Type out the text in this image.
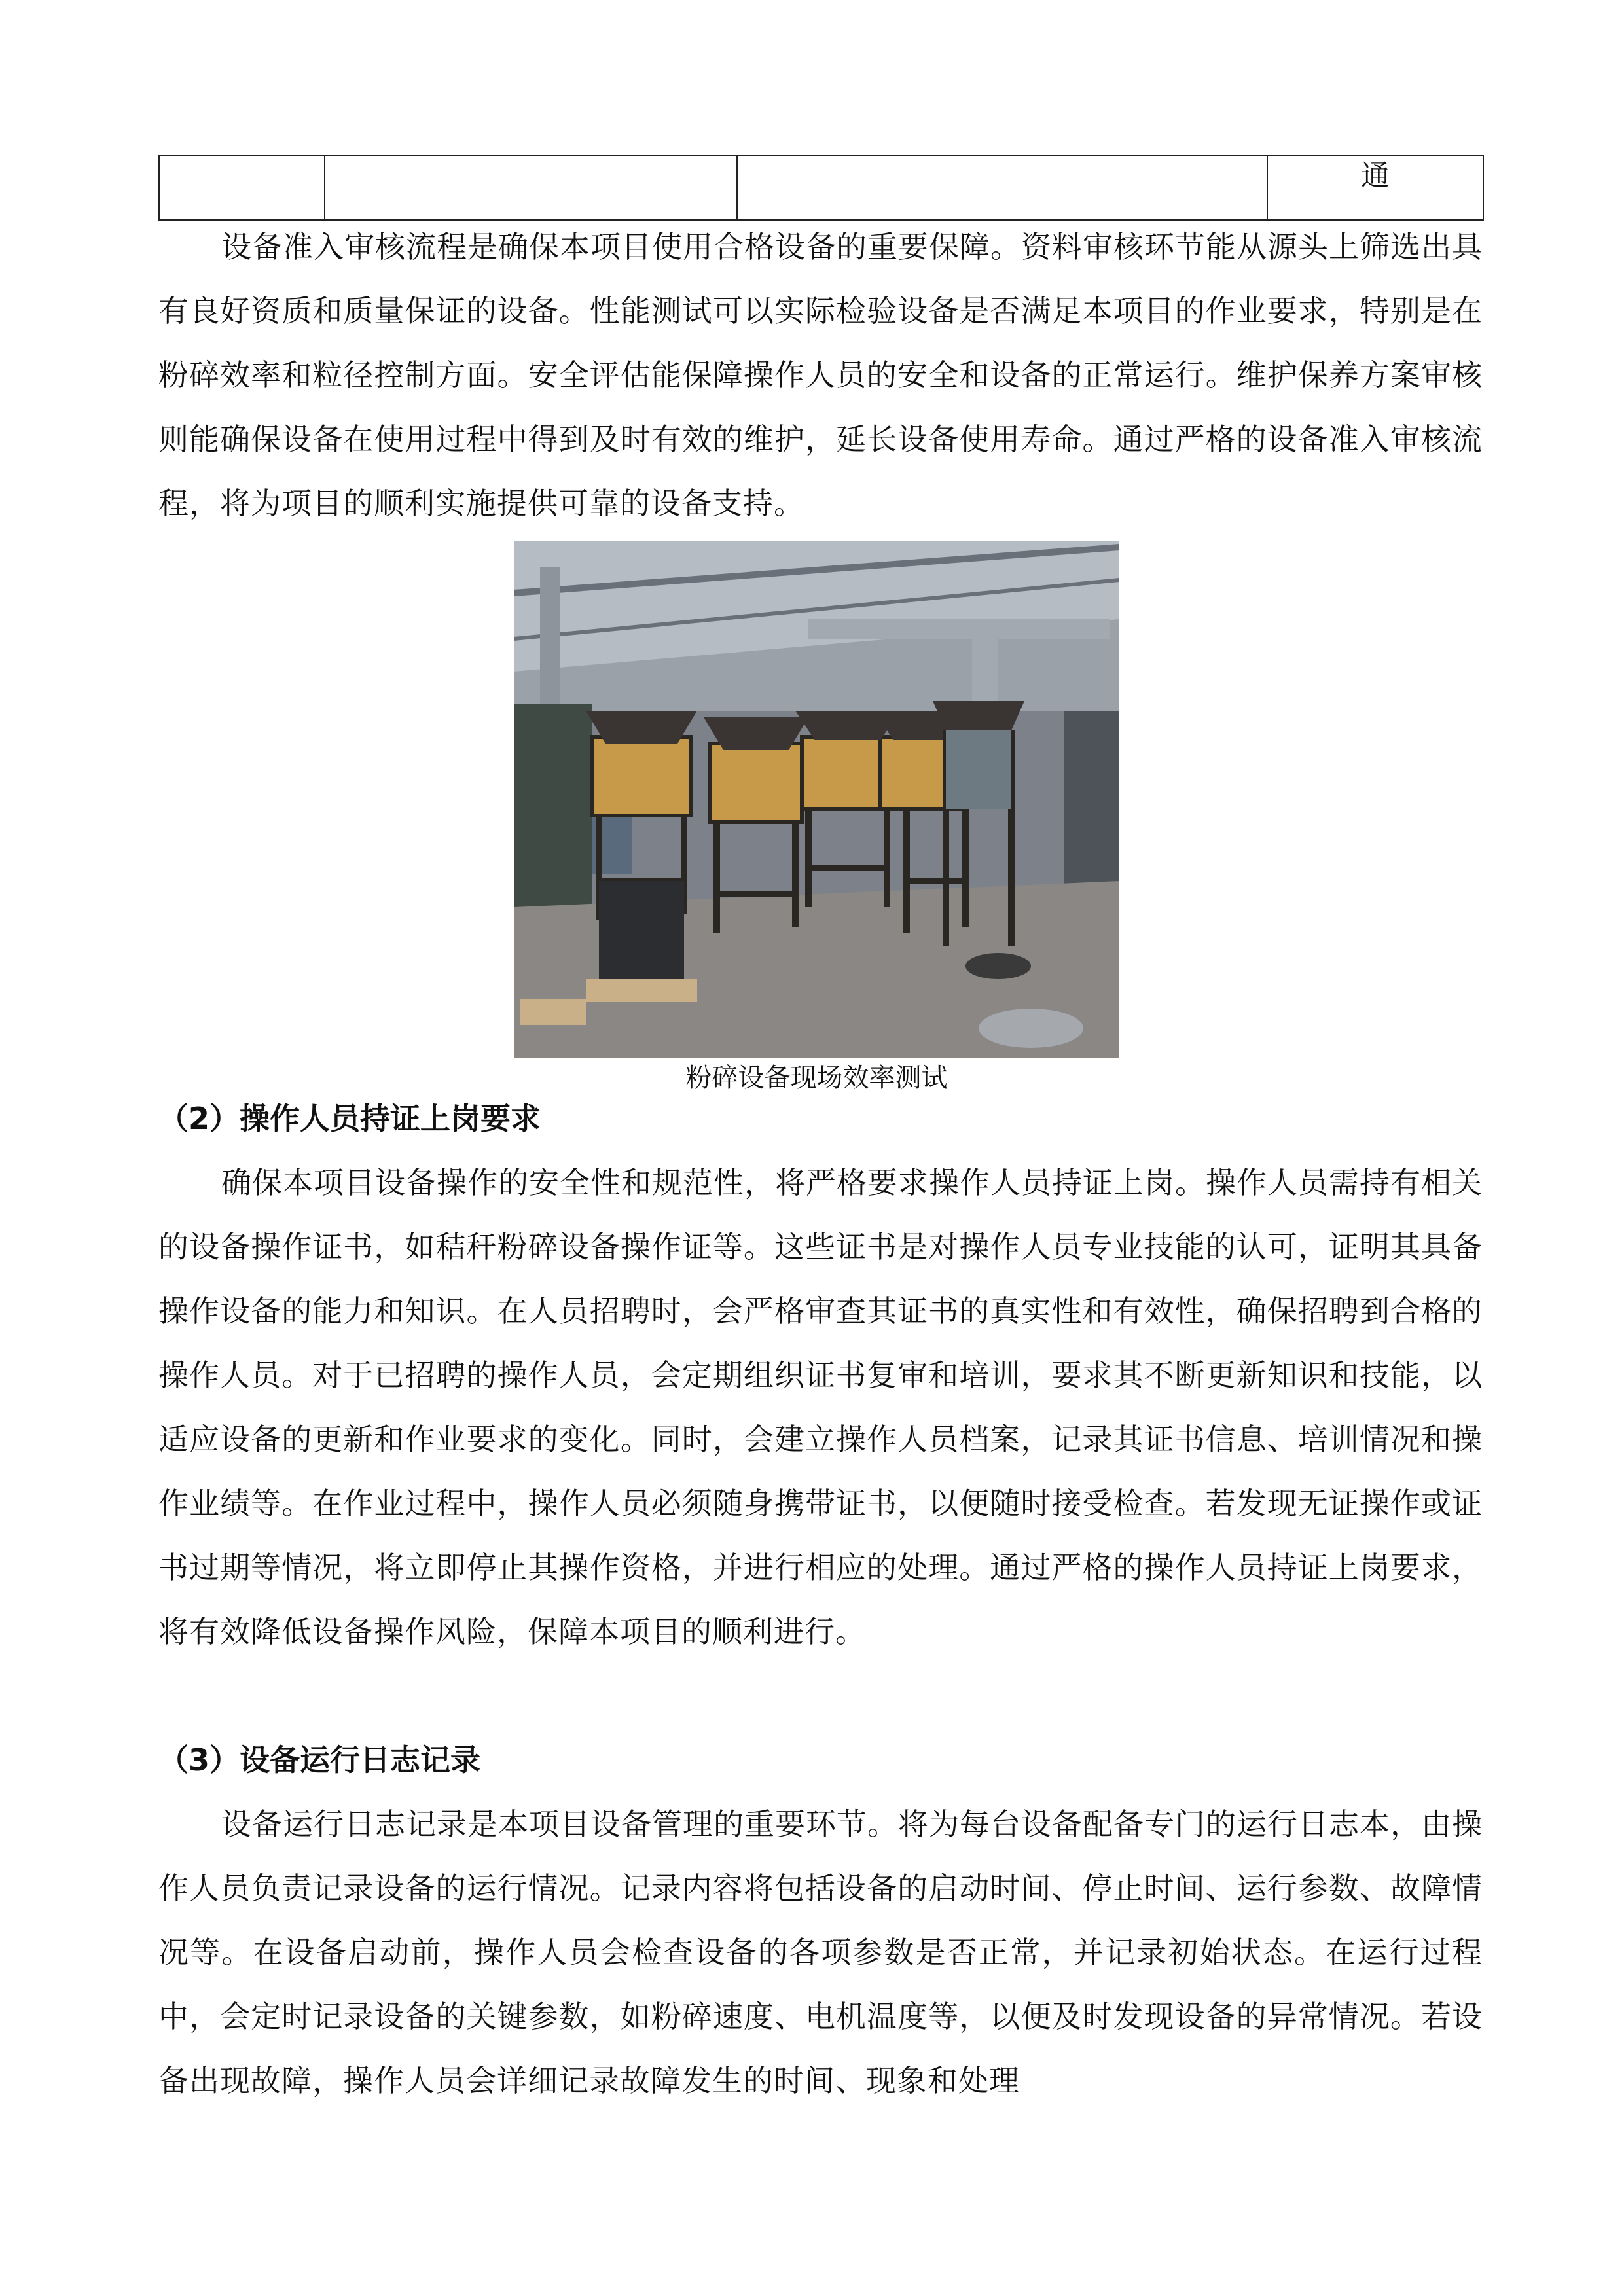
			通

设备准入审核流程是确保本项目使用合格设备的重要保障。资料审核环节能从源头上筛选出具有良好资质和质量保证的设备。性能测试可以实际检验设备是否满足本项目的作业要求，特别是在粉碎效率和粒径控制方面。安全评估能保障操作人员的安全和设备的正常运行。维护保养方案审核则能确保设备在使用过程中得到及时有效的维护，延长设备使用寿命。通过严格的设备准入审核流程，将为项目的顺利实施提供可靠的设备支持。

粉碎设备现场效率测试

（2）操作人员持证上岗要求

确保本项目设备操作的安全性和规范性，将严格要求操作人员持证上岗。操作人员需持有相关的设备操作证书，如秸秆粉碎设备操作证等。这些证书是对操作人员专业技能的认可，证明其具备操作设备的能力和知识。在人员招聘时，会严格审查其证书的真实性和有效性，确保招聘到合格的操作人员。对于已招聘的操作人员，会定期组织证书复审和培训，要求其不断更新知识和技能，以适应设备的更新和作业要求的变化。同时，会建立操作人员档案，记录其证书信息、培训情况和操作业绩等。在作业过程中，操作人员必须随身携带证书，以便随时接受检查。若发现无证操作或证书过期等情况，将立即停止其操作资格，并进行相应的处理。通过严格的操作人员持证上岗要求，将有效降低设备操作风险，保障本项目的顺利进行。

（3）设备运行日志记录

设备运行日志记录是本项目设备管理的重要环节。将为每台设备配备专门的运行日志本，由操作人员负责记录设备的运行情况。记录内容将包括设备的启动时间、停止时间、运行参数、故障情况等。在设备启动前，操作人员会检查设备的各项参数是否正常，并记录初始状态。在运行过程中，会定时记录设备的关键参数，如粉碎速度、电机温度等，以便及时发现设备的异常情况。若设备出现故障，操作人员会详细记录故障发生的时间、现象和处理
